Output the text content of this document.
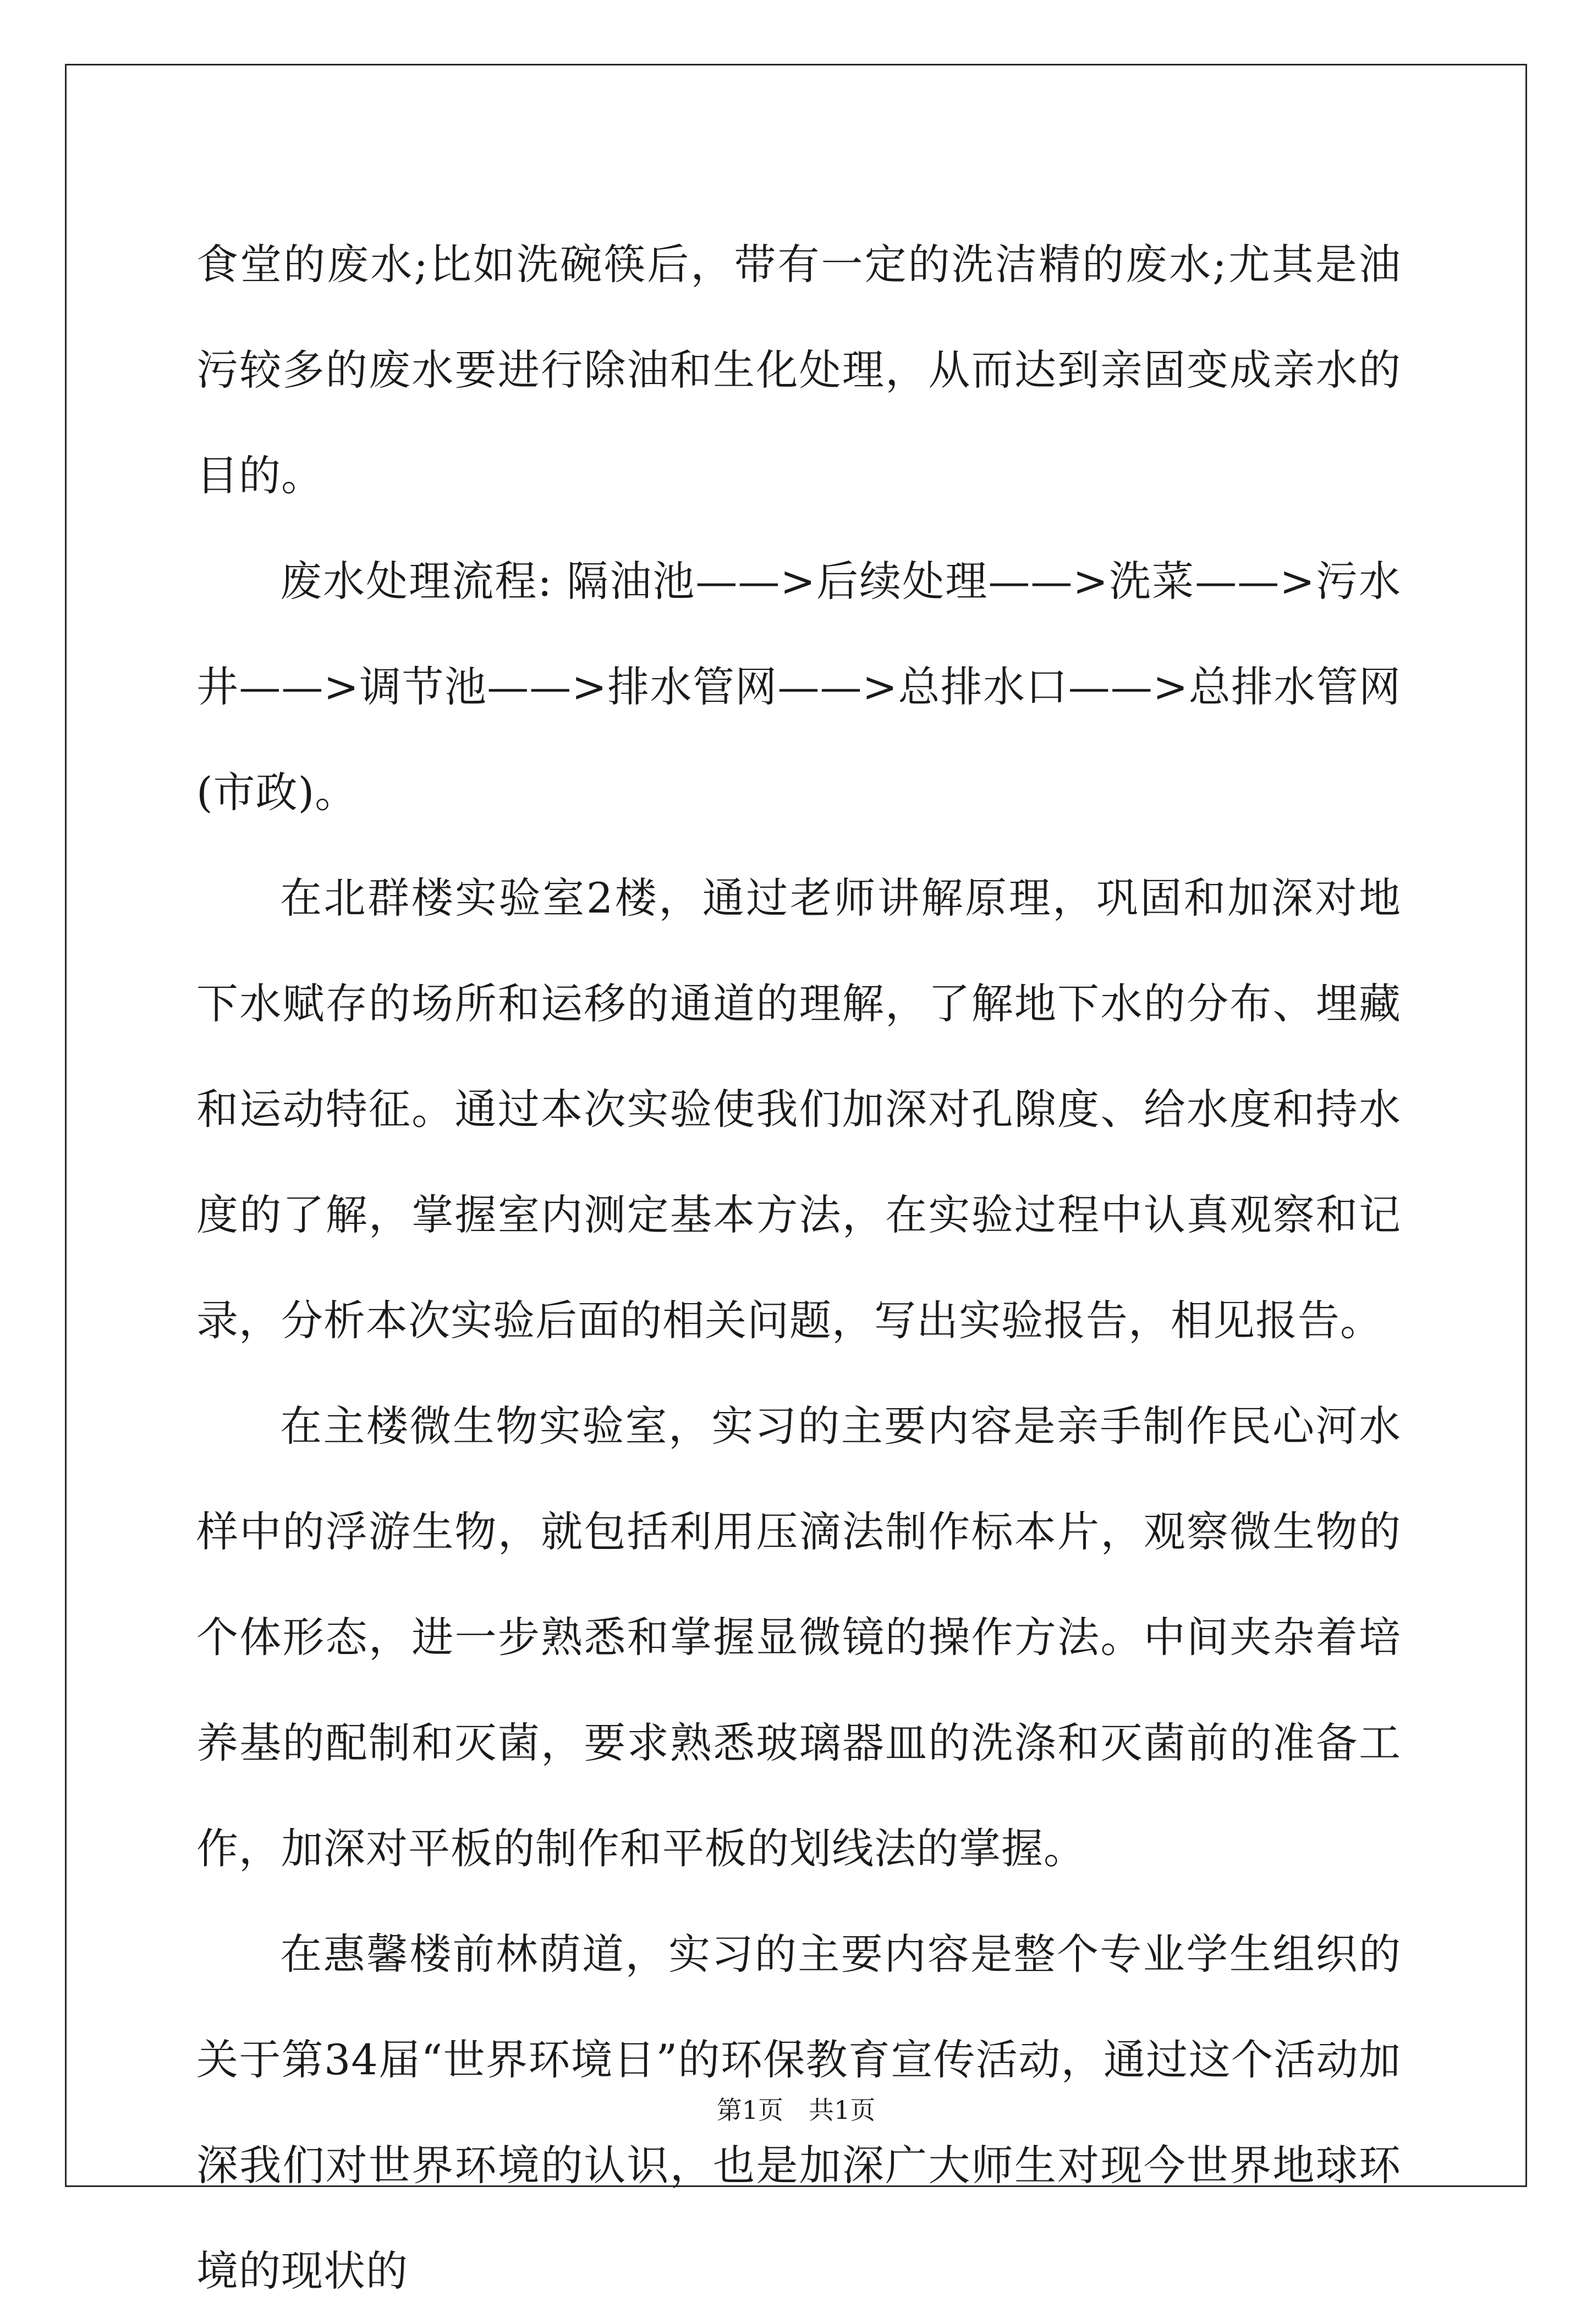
食堂的废水;比如洗碗筷后，带有一定的洗洁精的废水;尤其是油污较多的废水要进行除油和生化处理，从而达到亲固变成亲水的目的。

废水处理流程: 隔油池——>后续处理——>洗菜——>污水井——>调节池——>排水管网——>总排水口——>总排水管网(市政)。

在北群楼实验室2楼，通过老师讲解原理，巩固和加深对地下水赋存的场所和运移的通道的理解，了解地下水的分布、埋藏和运动特征。通过本次实验使我们加深对孔隙度、给水度和持水度的了解，掌握室内测定基本方法，在实验过程中认真观察和记录，分析本次实验后面的相关问题，写出实验报告，相见报告。

在主楼微生物实验室，实习的主要内容是亲手制作民心河水样中的浮游生物，就包括利用压滴法制作标本片，观察微生物的个体形态，进一步熟悉和掌握显微镜的操作方法。中间夹杂着培养基的配制和灭菌，要求熟悉玻璃器皿的洗涤和灭菌前的准备工作，加深对平板的制作和平板的划线法的掌握。

在惠馨楼前林荫道，实习的主要内容是整个专业学生组织的关于第34届“世界环境日”的环保教育宣传活动，通过这个活动加深我们对世界环境的认识，也是加深广大师生对现今世界地球环境的现状的

第1页 共1页
